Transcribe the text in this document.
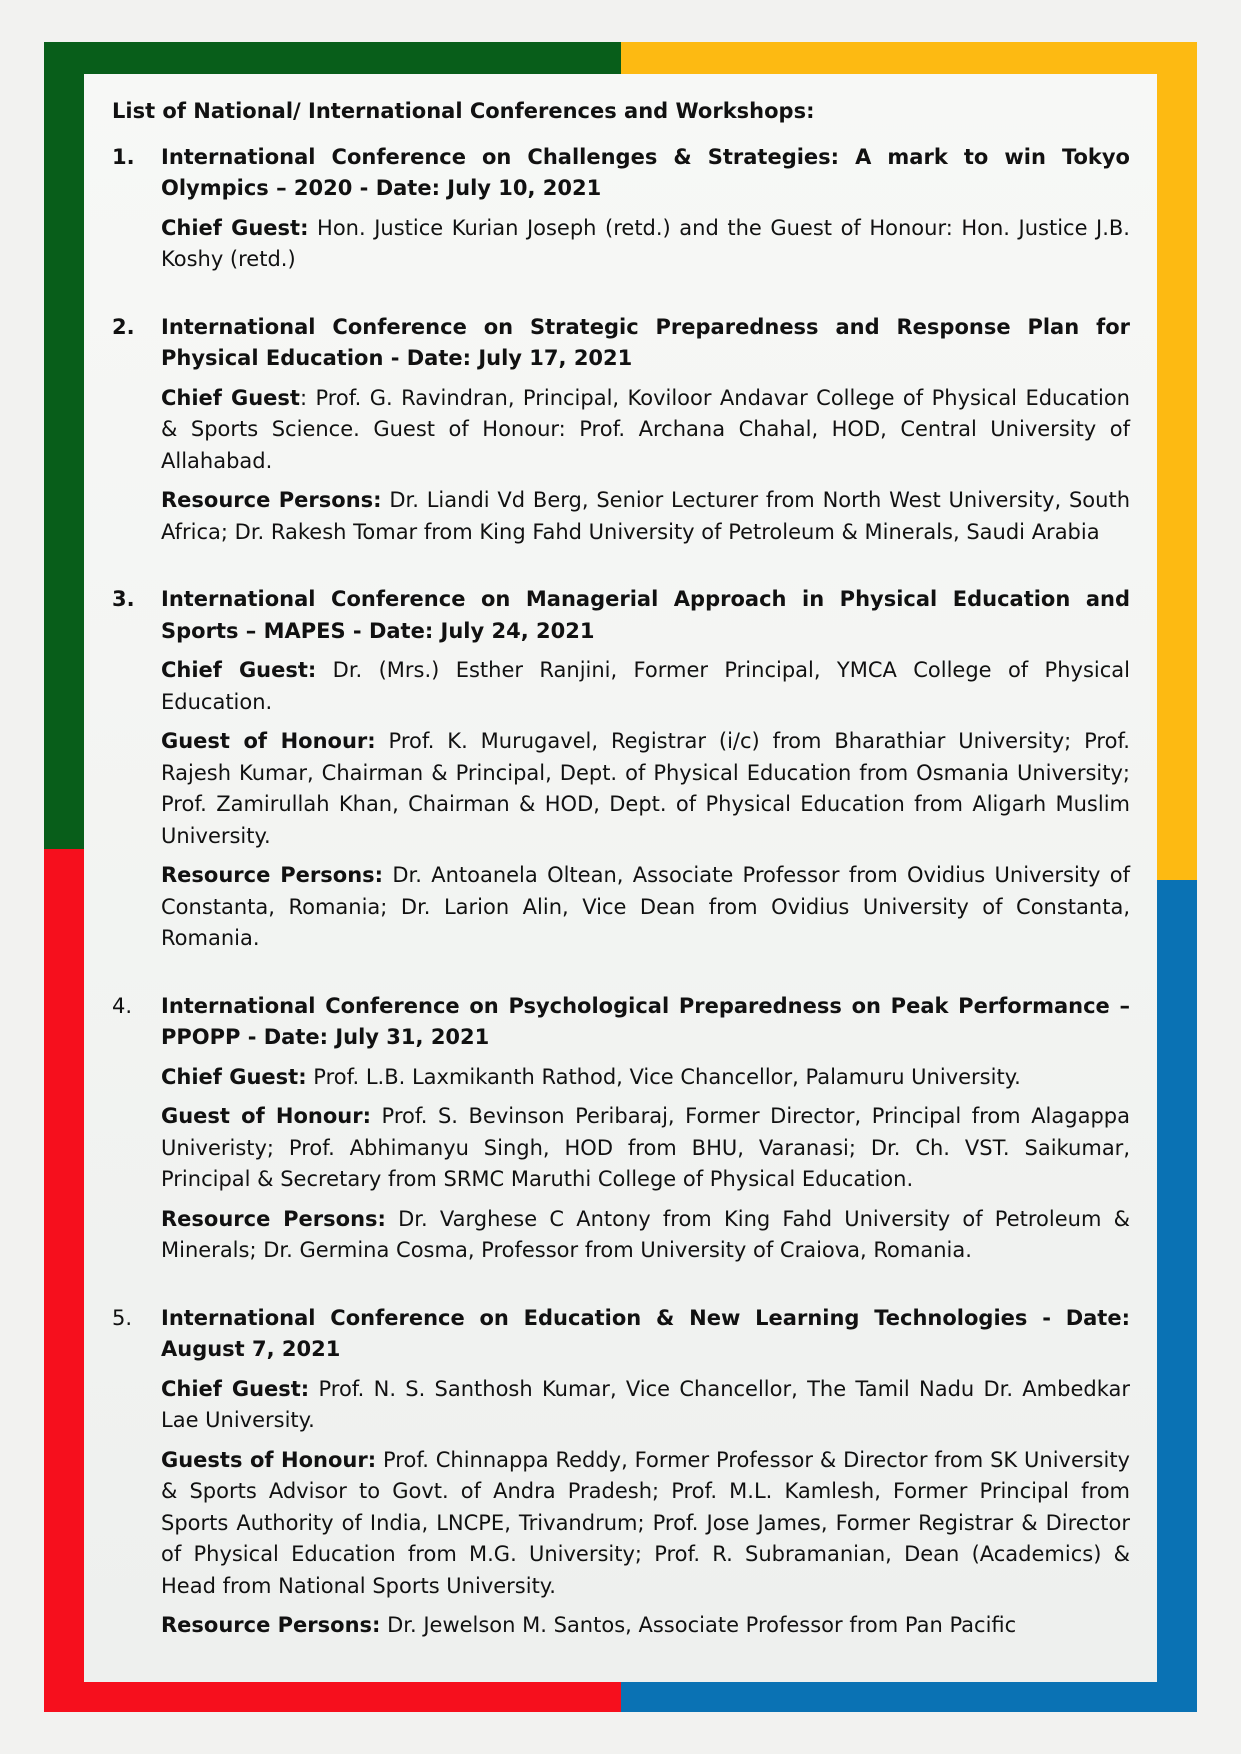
List of National/ International Conferences and Workshops:
1. International Conference on Challenges & Strategies: A mark to win Tokyo Olympics – 2020 - Date: July 10, 2021

Chief Guest: Hon. Justice Kurian Joseph (retd.) and the Guest of Honour: Hon. Justice J.B. Koshy (retd.)

2. International Conference on Strategic Preparedness and Response Plan for Physical Education - Date: July 17, 2021

Chief Guest: Prof. G. Ravindran, Principal, Koviloor Andavar College of Physical Education & Sports Science. Guest of Honour: Prof. Archana Chahal, HOD, Central University of Allahabad.

Resource Persons: Dr. Liandi Vd Berg, Senior Lecturer from North West University, South Africa; Dr. Rakesh Tomar from King Fahd University of Petroleum & Minerals, Saudi Arabia

3. International Conference on Managerial Approach in Physical Education and Sports – MAPES - Date: July 24, 2021

Chief Guest: Dr. (Mrs.) Esther Ranjini, Former Principal, YMCA College of Physical Education.

Guest of Honour: Prof. K. Murugavel, Registrar (i/c) from Bharathiar University; Prof. Rajesh Kumar, Chairman & Principal, Dept. of Physical Education from Osmania University; Prof. Zamirullah Khan, Chairman & HOD, Dept. of Physical Education from Aligarh Muslim University.

Resource Persons: Dr. Antoanela Oltean, Associate Professor from Ovidius University of Constanta, Romania; Dr. Larion Alin, Vice Dean from Ovidius University of Constanta, Romania.

4. International Conference on Psychological Preparedness on Peak Performance – PPOPP - Date: July 31, 2021

Chief Guest: Prof. L.B. Laxmikanth Rathod, Vice Chancellor, Palamuru University.

Guest of Honour: Prof. S. Bevinson Peribaraj, Former Director, Principal from Alagappa Univeristy; Prof. Abhimanyu Singh, HOD from BHU, Varanasi; Dr. Ch. VST. Saikumar, Principal & Secretary from SRMC Maruthi College of Physical Education.

Resource Persons: Dr. Varghese C Antony from King Fahd University of Petroleum & Minerals; Dr. Germina Cosma, Professor from University of Craiova, Romania.

5. International Conference on Education & New Learning Technologies - Date: August 7, 2021

Chief Guest: Prof. N. S. Santhosh Kumar, Vice Chancellor, The Tamil Nadu Dr. Ambedkar Lae University.

Guests of Honour: Prof. Chinnappa Reddy, Former Professor & Director from SK University & Sports Advisor to Govt. of Andra Pradesh; Prof. M.L. Kamlesh, Former Principal from Sports Authority of India, LNCPE, Trivandrum; Prof. Jose James, Former Registrar & Director of Physical Education from M.G. University; Prof. R. Subramanian, Dean (Academics) & Head from National Sports University.

Resource Persons: Dr. Jewelson M. Santos, Associate Professor from Pan Pacific
